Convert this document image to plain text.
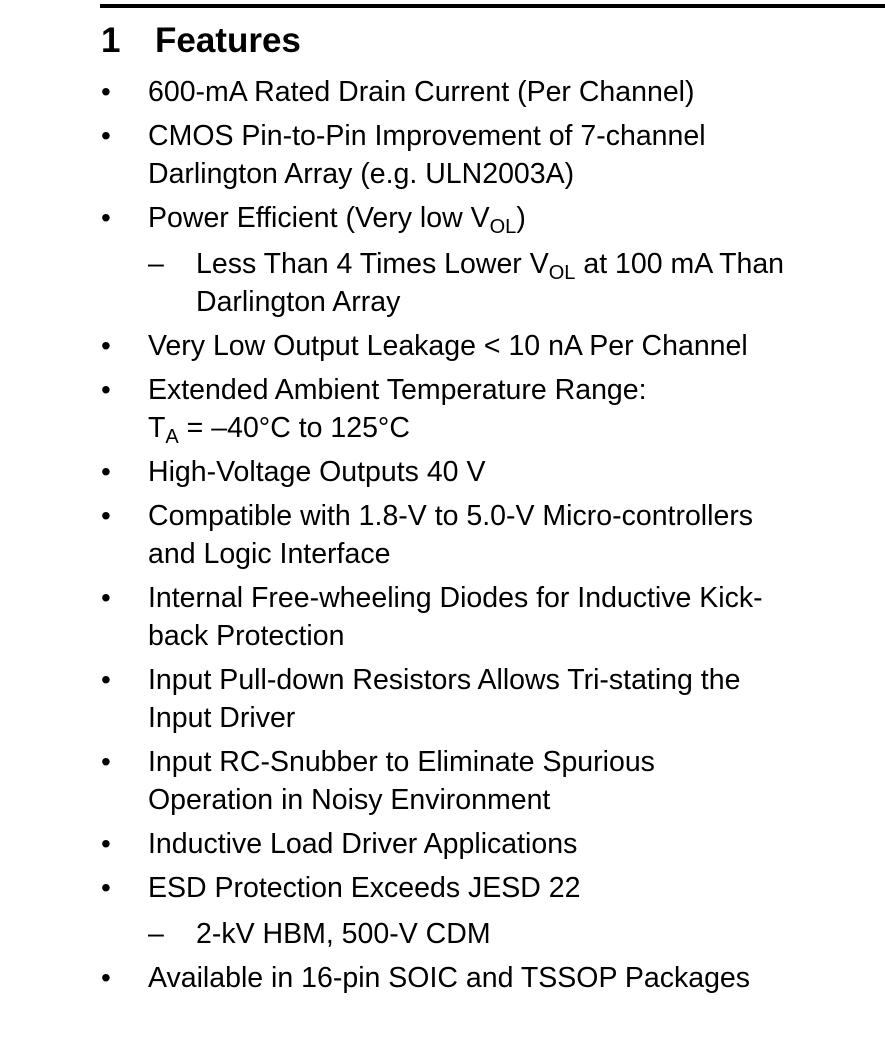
1 Features
• 600-mA Rated Drain Current (Per Channel)
• CMOS Pin-to-Pin Improvement of 7-channel
Darlington Array (e.g. ULN2003A)
• Power Efficient (Very low $V_{OL}$)
– Less Than 4 Times Lower $V_{OL}$ at 100 mA Than
Darlington Array
• Very Low Output Leakage < 10 nA Per Channel
• Extended Ambient Temperature Range:
$T_A = -40^\circ C$ to 125°C
• High-Voltage Outputs 40 V
• Compatible with 1.8-V to 5.0-V Micro-controllers
and Logic Interface
• Internal Free-wheeling Diodes for Inductive Kick-
back Protection
• Input Pull-down Resistors Allows Tri-stating the
Input Driver
• Input RC-Snubber to Eliminate Spurious
Operation in Noisy Environment
• Inductive Load Driver Applications
• ESD Protection Exceeds JESD 22
– 2-kV HBM, 500-V CDM
• Available in 16-pin SOIC and TSSOP Packages
